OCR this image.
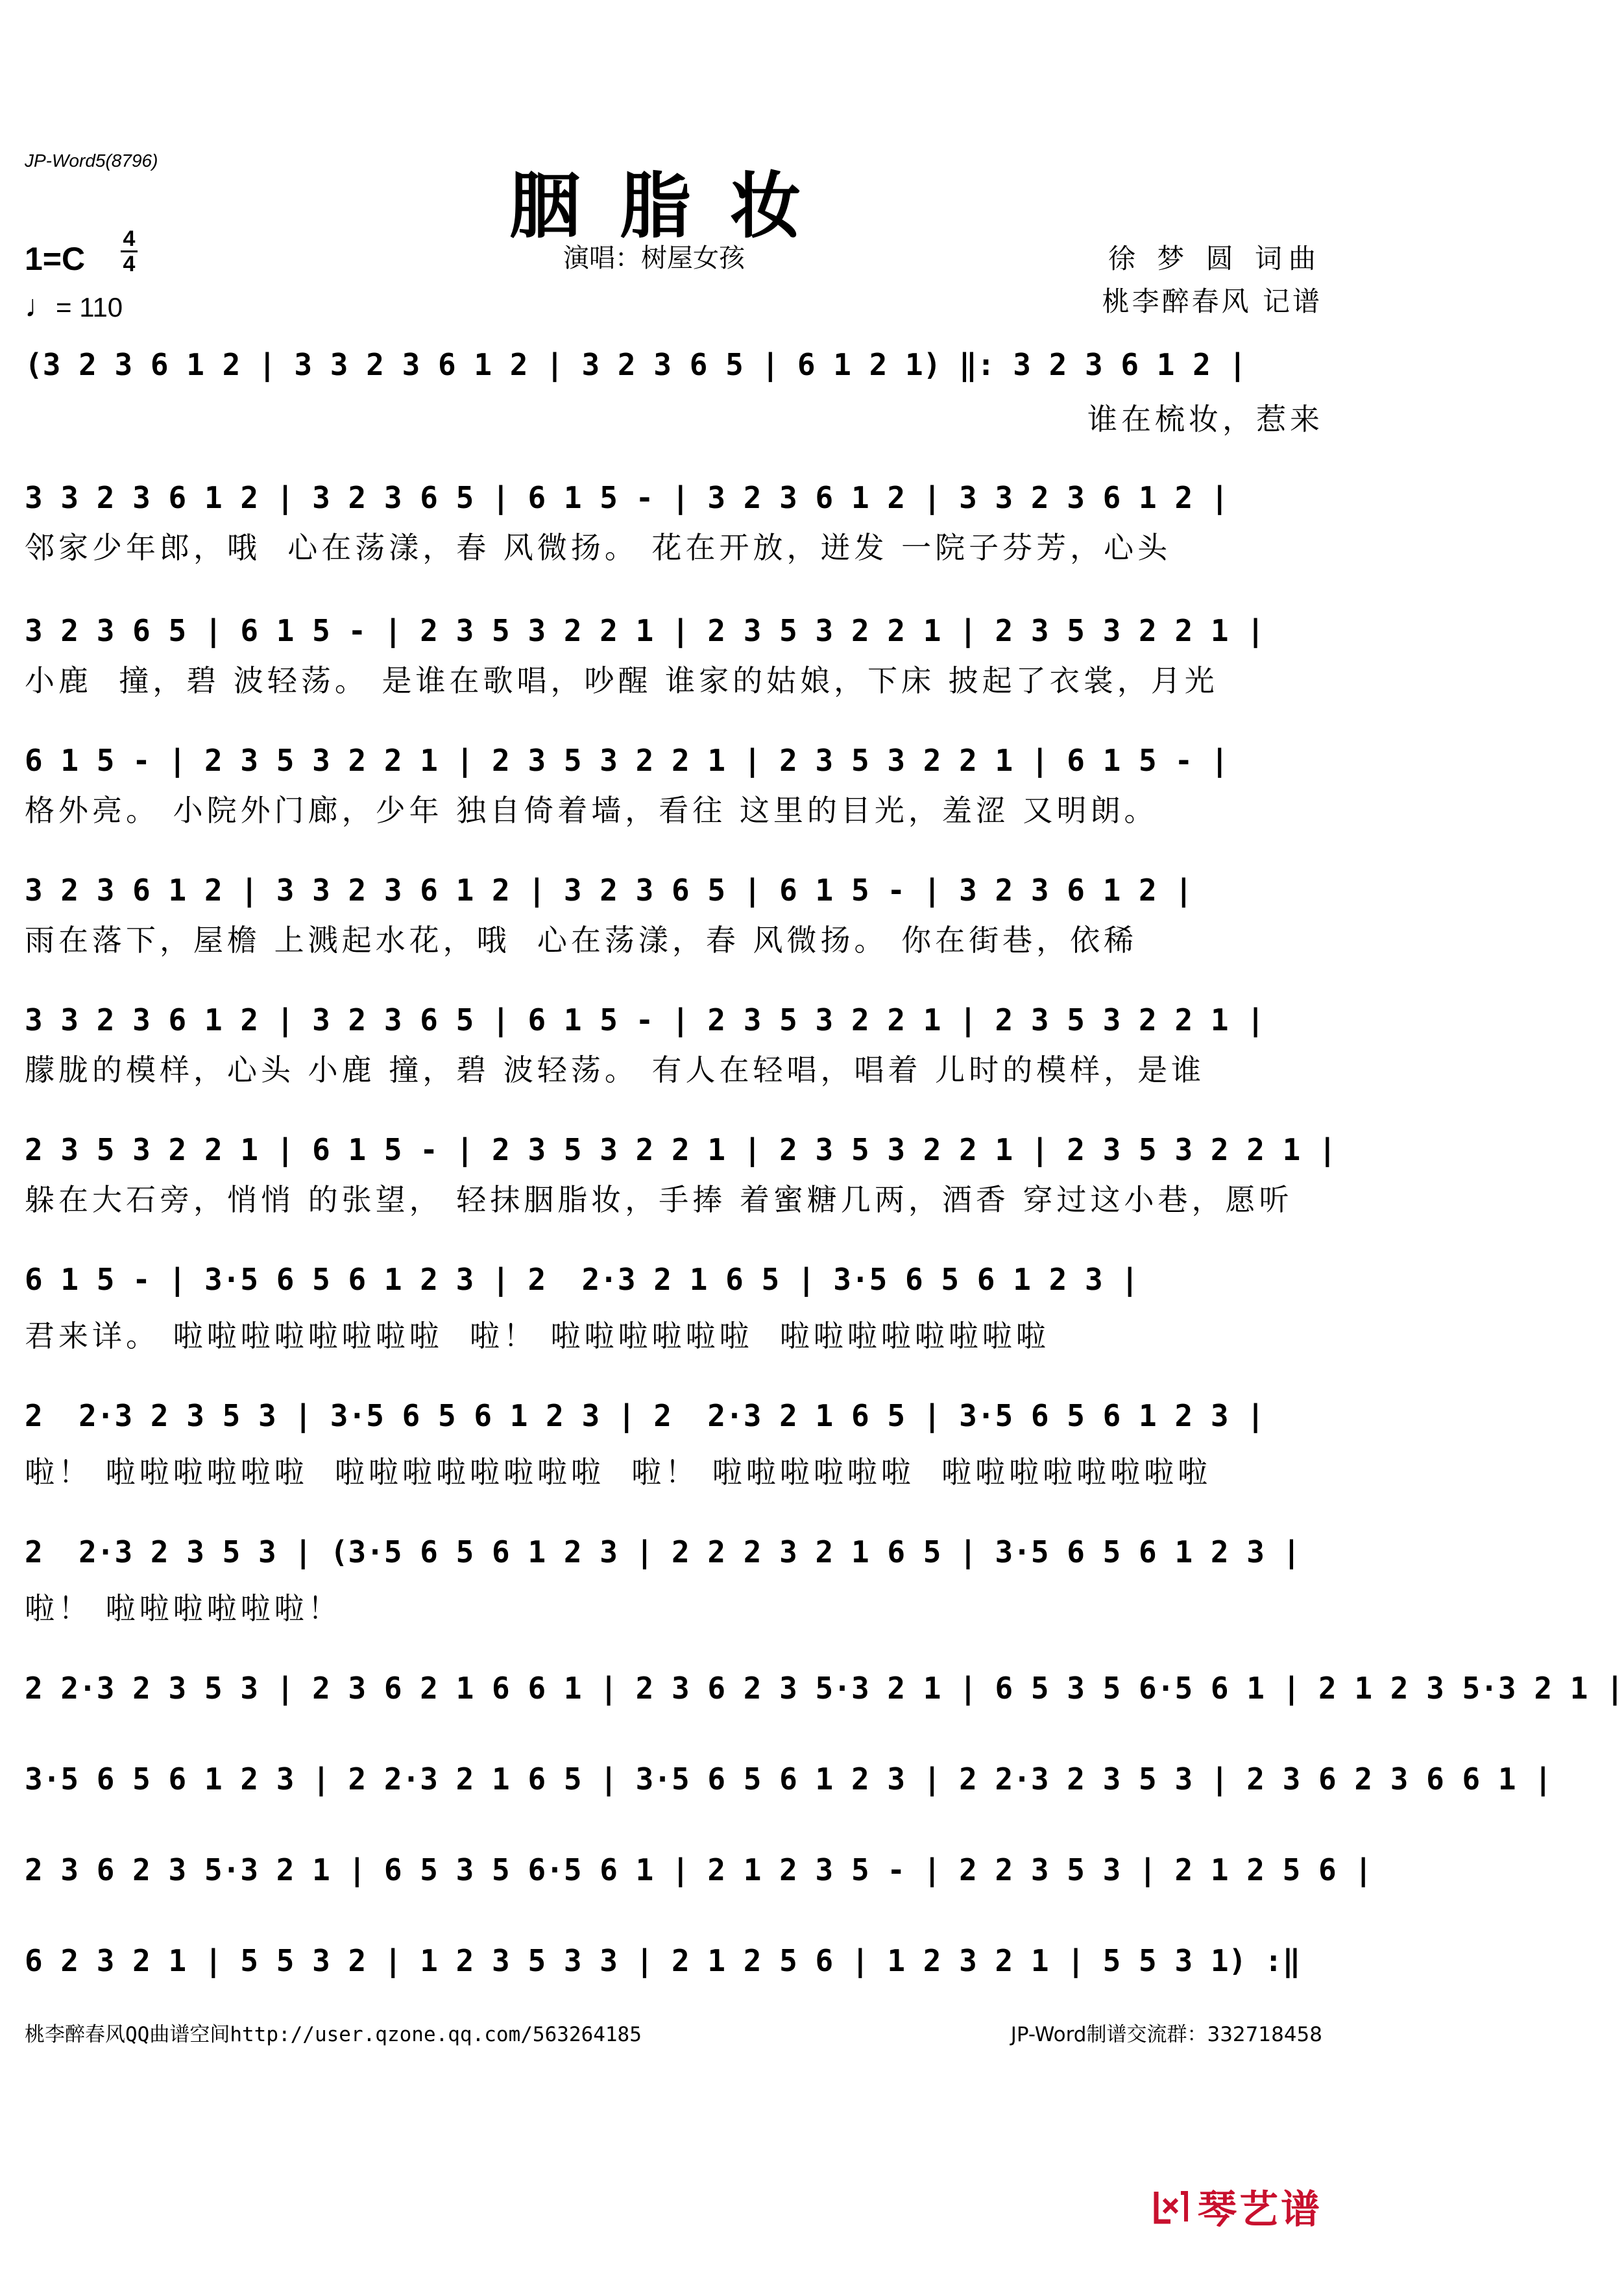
JP-Word5(8796)
胭脂妆
1=C
4
4
♩= 110
演唱：树屋女孩	徐 梦 圆 词曲
桃李醉春风 记谱
(3 2 3 6 1 2 | 3 3 2 3 6 1 2 | 3 2 3 6 5 | 6 1 2 1) ‖: 3 2 3 6 1 2 |
谁在梳妆，惹来
3 3 2 3 6 1 2 | 3 2 3 6 5 | 6 1 5 - | 3 2 3 6 1 2 | 3 3 2 3 6 1 2 |
邻家少年郎，哦  心在荡漾，春 风微扬。 花在开放，迸发 一院子芬芳，心头
3 2 3 6 5 | 6 1 5 - | 2 3 5 3 2 2 1 | 2 3 5 3 2 2 1 | 2 3 5 3 2 2 1 |
小鹿  撞，碧 波轻荡。 是谁在歌唱，吵醒 谁家的姑娘，下床 披起了衣裳，月光
6 1 5 - | 2 3 5 3 2 2 1 | 2 3 5 3 2 2 1 | 2 3 5 3 2 2 1 | 6 1 5 - |
格外亮。 小院外门廊，少年 独自倚着墙，看往 这里的目光，羞涩 又明朗。
3 2 3 6 1 2 | 3 3 2 3 6 1 2 | 3 2 3 6 5 | 6 1 5 - | 3 2 3 6 1 2 |
雨在落下，屋檐 上溅起水花，哦  心在荡漾，春 风微扬。 你在街巷，依稀
3 3 2 3 6 1 2 | 3 2 3 6 5 | 6 1 5 - | 2 3 5 3 2 2 1 | 2 3 5 3 2 2 1 |
朦胧的模样，心头 小鹿 撞，碧 波轻荡。 有人在轻唱，唱着 儿时的模样，是谁
2 3 5 3 2 2 1 | 6 1 5 - | 2 3 5 3 2 2 1 | 2 3 5 3 2 2 1 | 2 3 5 3 2 2 1 |
躲在大石旁，悄悄 的张望， 轻抹胭脂妆，手捧 着蜜糖几两，酒香 穿过这小巷，愿听
6 1 5 - | 3·5 6 5 6 1 2 3 | 2  2·3 2 1 6 5 | 3·5 6 5 6 1 2 3 |
君来详。 啦啦啦啦啦啦啦啦  啦！ 啦啦啦啦啦啦  啦啦啦啦啦啦啦啦
2  2·3 2 3 5 3 | 3·5 6 5 6 1 2 3 | 2  2·3 2 1 6 5 | 3·5 6 5 6 1 2 3 |
啦！ 啦啦啦啦啦啦  啦啦啦啦啦啦啦啦  啦！ 啦啦啦啦啦啦  啦啦啦啦啦啦啦啦
2  2·3 2 3 5 3 | (3·5 6 5 6 1 2 3 | 2 2 2 3 2 1 6 5 | 3·5 6 5 6 1 2 3 |
啦！ 啦啦啦啦啦啦！
2 2·3 2 3 5 3 | 2 3 6 2 1 6 6 1 | 2 3 6 2 3 5·3 2 1 | 6 5 3 5 6·5 6 1 | 2 1 2 3 5·3 2 1 |
3·5 6 5 6 1 2 3 | 2 2·3 2 1 6 5 | 3·5 6 5 6 1 2 3 | 2 2·3 2 3 5 3 | 2 3 6 2 3 6 6 1 |
2 3 6 2 3 5·3 2 1 | 6 5 3 5 6·5 6 1 | 2 1 2 3 5 - | 2 2 3 5 3 | 2 1 2 5 6 |
6 2 3 2 1 | 5 5 3 2 | 1 2 3 5 3 3 | 2 1 2 5 6 | 1 2 3 2 1 | 5 5 3 1) :‖
桃李醉春风QQ曲谱空间http://user.qzone.qq.com/563264185	JP-Word制谱交流群：332718458
琴艺谱
